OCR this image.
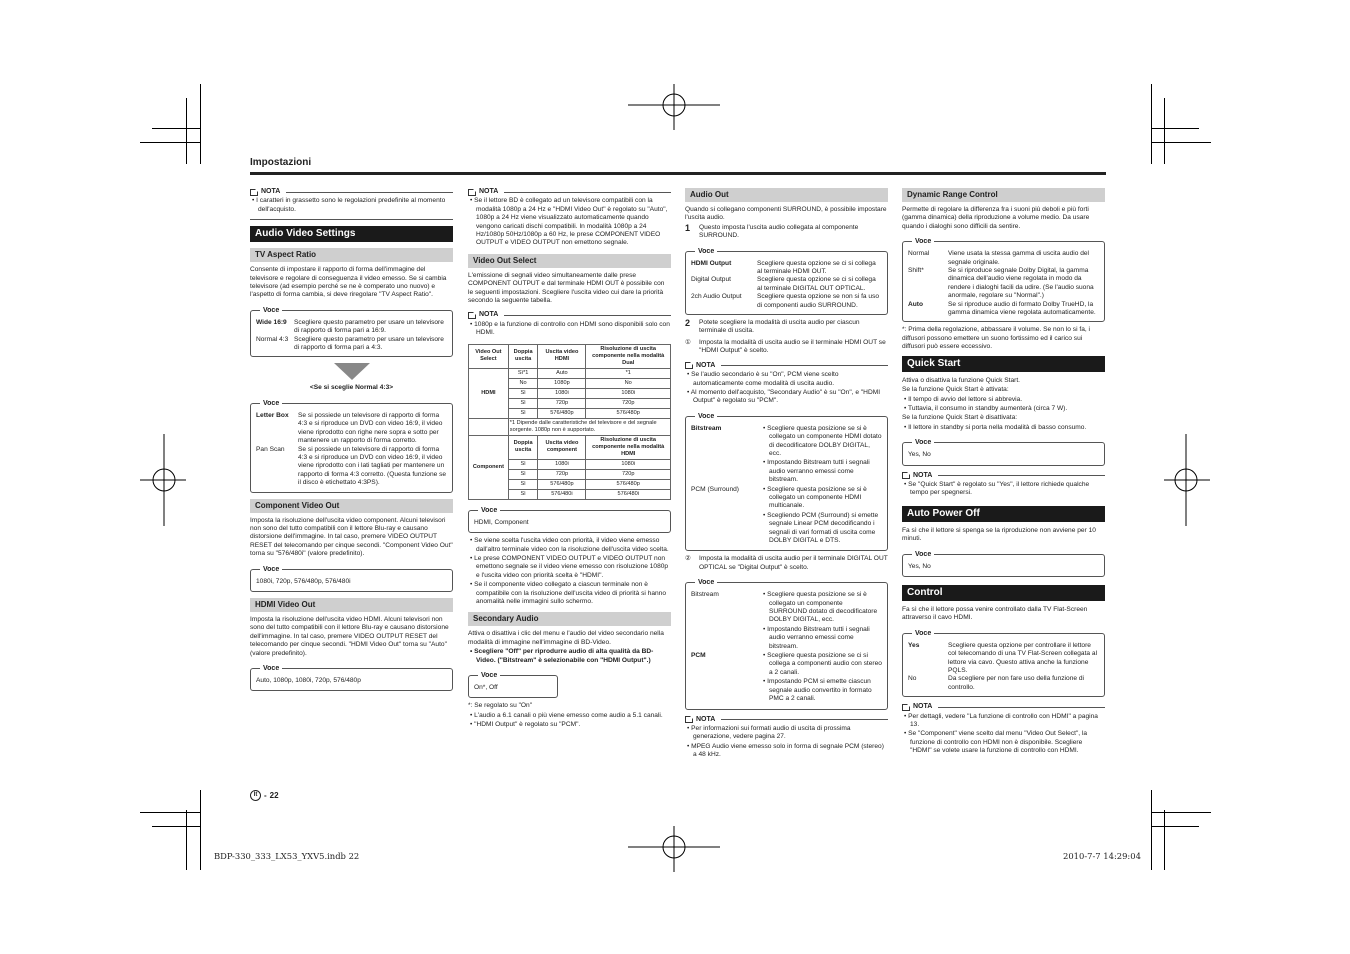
Impostazioni
NOTA

• I caratteri in grassetto sono le regolazioni predefinite al momento dell'acquisto.

Audio Video Settings
TV Aspect Ratio

Consente di impostare il rapporto di forma dell'immagine del televisore e regolare di conseguenza il video emesso. Se si cambia televisore (ad esempio perché se ne è comperato uno nuovo) e l'aspetto di forma cambia, si deve riregolare "TV Aspect Ratio".

Voce
Wide 16:9	Scegliere questo parametro per usare un televisore di rapporto di forma pari a 16:9.
Normal 4:3 Scegliere questo parametro per usare un televisore di rapporto di forma pari a 4:3.

<Se si sceglie Normal 4:3>

Voce
Letter Box	Se si possiede un televisore di rapporto di forma 4:3 e si riproduce un DVD con video 16:9, il video viene riprodotto con righe nere sopra e sotto per mantenere un rapporto di forma corretto.
Pan Scan	Se si possiede un televisore di rapporto di forma 4:3 e si riproduce un DVD con video 16:9, il video viene riprodotto con i lati tagliati per mantenere un rapporto di forma 4:3 corretto. (Questa funzione se il disco è etichettato 4:3PS).
Component Video Out

Imposta la risoluzione dell'uscita video component. Alcuni televisori non sono del tutto compatibili con il lettore Blu-ray e causano distorsione dell'immagine. In tal caso, premere VIDEO OUTPUT RESET del telecomando per cinque secondi. "Component Video Out" torna su "576/480i" (valore predefinito).

Voce

1080i, 720p, 576/480p, 576/480i

HDMI Video Out

Imposta la risoluzione dell'uscita video HDMI. Alcuni televisori non sono del tutto compatibili con il lettore Blu-ray e causano distorsione dell'immagine. In tal caso, premere VIDEO OUTPUT RESET del telecomando per cinque secondi. "HDMI Video Out" torna su "Auto" (valore predefinito).

Voce

Auto, 1080p, 1080i, 720p, 576/480p

NOTA

• Se il lettore BD è collegato ad un televisore compatibili con la modalità 1080p a 24 Hz e "HDMI Video Out" è regolato su "Auto", 1080p a 24 Hz viene visualizzato automaticamente quando vengono caricati dischi compatibili. In modalità 1080p a 24 Hz/1080p 50Hz/1080p a 60 Hz, le prese COMPONENT VIDEO OUTPUT e VIDEO OUTPUT non emettono segnale.

Video Out Select

L'emissione di segnali video simultaneamente dalle prese COMPONENT OUTPUT e dal terminale HDMI OUT è possibile con le seguenti impostazioni. Scegliere l'uscita video cui dare la priorità secondo la seguente tabella.

NOTA

• 1080p e la funzione di controllo con HDMI sono disponibili solo con HDMI.

Video Out Select	Doppia uscita	Uscita video HDMI	Risoluzione di uscita componente nella modalità Dual
HDMI	Sì*1	Auto	*1
	No	1080p	No
	Sì	1080i	1080i
	Sì	720p	720p
	Sì	576/480p	576/480p
	*1 Dipende dalle caratteristiche del televisore e del segnale sorgente. 1080p non è supportato.		
Component	Doppia uscita	Uscita video component	Risoluzione di uscita componente nella modalità HDMI
	Sì	1080i	1080i
	Sì	720p	720p
	Sì	576/480p	576/480p
	Sì	576/480i	576/480i
Voce

HDMI, Component

• Se viene scelta l'uscita video con priorità, il video viene emesso dall'altro terminale video con la risoluzione dell'uscita video scelta.

• Le prese COMPONENT VIDEO OUTPUT e VIDEO OUTPUT non emettono segnale se il video viene emesso con risoluzione 1080p e l'uscita video con priorità scelta è "HDMI".

• Se il componente video collegato a ciascun terminale non è compatibile con la risoluzione dell'uscita video di priorità si hanno anomalità nelle immagini sullo schermo.

Secondary Audio

Attiva o disattiva i clic del menu e l'audio del video secondario nella modalità di immagine nell'immagine di BD-Video.

• Scegliere "Off" per riprodurre audio di alta qualità da BD-Video. ("Bitstream" è selezionabile con "HDMI Output".)

Voce

On*, Off

*: Se regolato su "On"

• L'audio a 6.1 canali o più viene emesso come audio a 5.1 canali.

• "HDMI Output" è regolato su "PCM".

Audio Out

Quando si collegano componenti SURROUND, è possibile impostare l'uscita audio.

1	Questo imposta l'uscita audio collegata al componente SURROUND.
Voce
HDMI Output	Scegliere questa opzione se ci si collega al terminale HDMI OUT.
Digital Output	Scegliere questa opzione se ci si collega al terminale DIGITAL OUT OPTICAL.
2ch Audio Output	Scegliere questa opzione se non si fa uso di componenti audio SURROUND.
2	Potete scegliere la modalità di uscita audio per ciascun terminale di uscita.
①	Imposta la modalità di uscita audio se il terminale HDMI OUT se "HDMI Output" è scelto.
NOTA

• Se l'audio secondario è su "On", PCM viene scelto automaticamente come modalità di uscita audio.

• Al momento dell'acquisto, "Secondary Audio" è su "On", e "HDMI Output" è regolato su "PCM".

Voce
Bitstream	• Scegliere questa posizione se si è collegato un componente HDMI dotato di decodificatore DOLBY DIGITAL, ecc.
• Impostando Bitstream tutti i segnali audio verranno emessi come bitstream.
PCM (Surround)	• Scegliere questa posizione se si è collegato un componente HDMI multicanale.
• Scegliendo PCM (Surround) si emette segnale Linear PCM decodificando i segnali di vari formati di uscita come DOLBY DIGITAL e DTS.
②	Imposta la modalità di uscita audio per il terminale DIGITAL OUT OPTICAL se "Digital Output" è scelto.
Voce
Bitstream	• Scegliere questa posizione se si è collegato un componente SURROUND dotato di decodificatore DOLBY DIGITAL, ecc.
• Impostando Bitstream tutti i segnali audio verranno emessi come bitstream.
PCM	• Scegliere questa posizione se ci si collega a componenti audio con stereo a 2 canali.
• Impostando PCM si emette ciascun segnale audio convertito in formato PMC a 2 canali.
NOTA

• Per informazioni sui formati audio di uscita di prossima generazione, vedere pagina 27.

• MPEG Audio viene emesso solo in forma di segnale PCM (stereo) a 48 kHz.

Dynamic Range Control

Permette di regolare la differenza fra i suoni più deboli e più forti (gamma dinamica) della riproduzione a volume medio. Da usare quando i dialoghi sono difficili da sentire.

Voce
Normal	Viene usata la stessa gamma di uscita audio del segnale originale.
Shift*	Se si riproduce segnale Dolby Digital, la gamma dinamica dell'audio viene regolata in modo da rendere i dialoghi facili da udire. (Se l'audio suona anormale, regolare su "Normal".)
Auto	Se si riproduce audio di formato Dolby TrueHD, la gamma dinamica viene regolata automaticamente.

*: Prima della regolazione, abbassare il volume. Se non lo si fa, i diffusori possono emettere un suono fortissimo ed il carico sui diffusori può essere eccessivo.

Quick Start

Attiva o disattiva la funzione Quick Start.

Se la funzione Quick Start è attivata:

• Il tempo di avvio del lettore si abbrevia.

• Tuttavia, il consumo in standby aumenterà (circa 7 W).

Se la funzione Quick Start è disattivata:

• Il lettore in standby si porta nella modalità di basso consumo.

Voce

Yes, No

NOTA

• Se "Quick Start" è regolato su "Yes", il lettore richiede qualche tempo per spegnersi.

Auto Power Off

Fa sì che il lettore si spenga se la riproduzione non avviene per 10 minuti.

Voce

Yes, No

Control

Fa sì che il lettore possa venire controllato dalla TV Flat-Screen attraverso il cavo HDMI.

Voce
Yes	Scegliere questa opzione per controllare il lettore col telecomando di una TV Flat-Screen collegata al lettore via cavo. Questo attiva anche la funzione PQLS.
No	Da scegliere per non fare uso della funzione di controllo.
NOTA

• Per dettagli, vedere "La funzione di controllo con HDMI" a pagina 13.

• Se "Component" viene scelto dal menu "Video Out Select", la funzione di controllo con HDMI non è disponibile. Scegliere "HDMI" se volete usare la funzione di controllo con HDMI.

It - 22
BDP-330_333_LX53_YXV5.indb 22	2010-7-7 14:29:04
